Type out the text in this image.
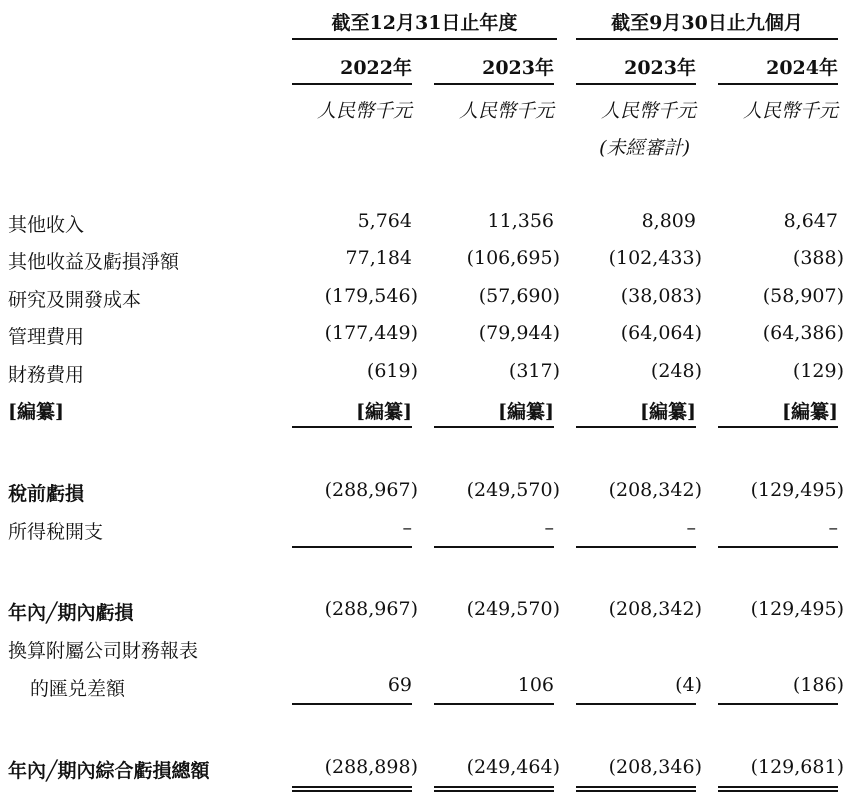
截至12月31日止年度	截至9月30日止九個月
2022年	2023年	2023年	2024年
人民幣千元	人民幣千元	人民幣千元	人民幣千元
(未經審計)
其他收入	5,764	11,356	8,809	8,647
其他收益及虧損淨額	77,184	(106,695)	(102,433)	(388)
研究及開發成本	(179,546)	(57,690)	(38,083)	(58,907)
管理費用	(177,449)	(79,944)	(64,064)	(64,386)
財務費用	(619)	(317)	(248)	(129)
[編纂]	[編纂]	[編纂]	[編纂]	[編纂]
稅前虧損	(288,967)	(249,570)	(208,342)	(129,495)
所得稅開支	–	–	–	–
年內╱期內虧損	(288,967)	(249,570)	(208,342)	(129,495)
換算附屬公司財務報表
的匯兑差額	69	106	(4)	(186)
年內╱期內綜合虧損總額	(288,898)	(249,464)	(208,346)	(129,681)
